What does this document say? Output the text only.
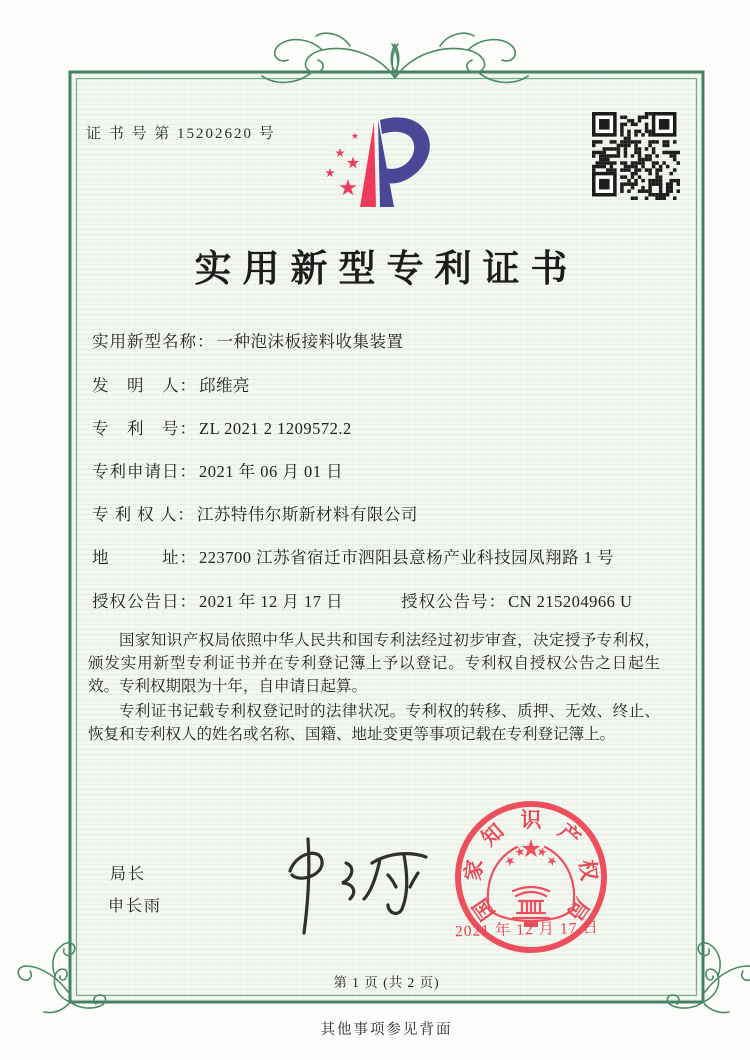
证 书 号 第 15202620 号
实用新型专利证书
实用新型名称： 一种泡沫板接料收集装置
发　明　人： 邱维亮
专　利　号： ZL 2021 2 1209572.2
专利申请日： 2021 年 06 月 01 日
专 利 权 人： 江苏特伟尔斯新材料有限公司
地　　　址： 223700 江苏省宿迁市泗阳县意杨产业科技园凤翔路 1 号
授权公告日： 2021 年 12 月 17 日	授权公告号： CN 215204966 U
国家知识产权局依照中华人民共和国专利法经过初步审查，决定授予专利权，颁发实用新型专利证书并在专利登记簿上予以登记。专利权自授权公告之日起生效。专利权期限为十年，自申请日起算。
专利证书记载专利权登记时的法律状况。专利权的转移、质押、无效、终止、恢复和专利权人的姓名或名称、国籍、地址变更等事项记载在专利登记簿上。
局长
申长雨	国
家
知 识 产
权
局
2021 年 12 月 17 日
第 1 页 (共 2 页)
其他事项参见背面
